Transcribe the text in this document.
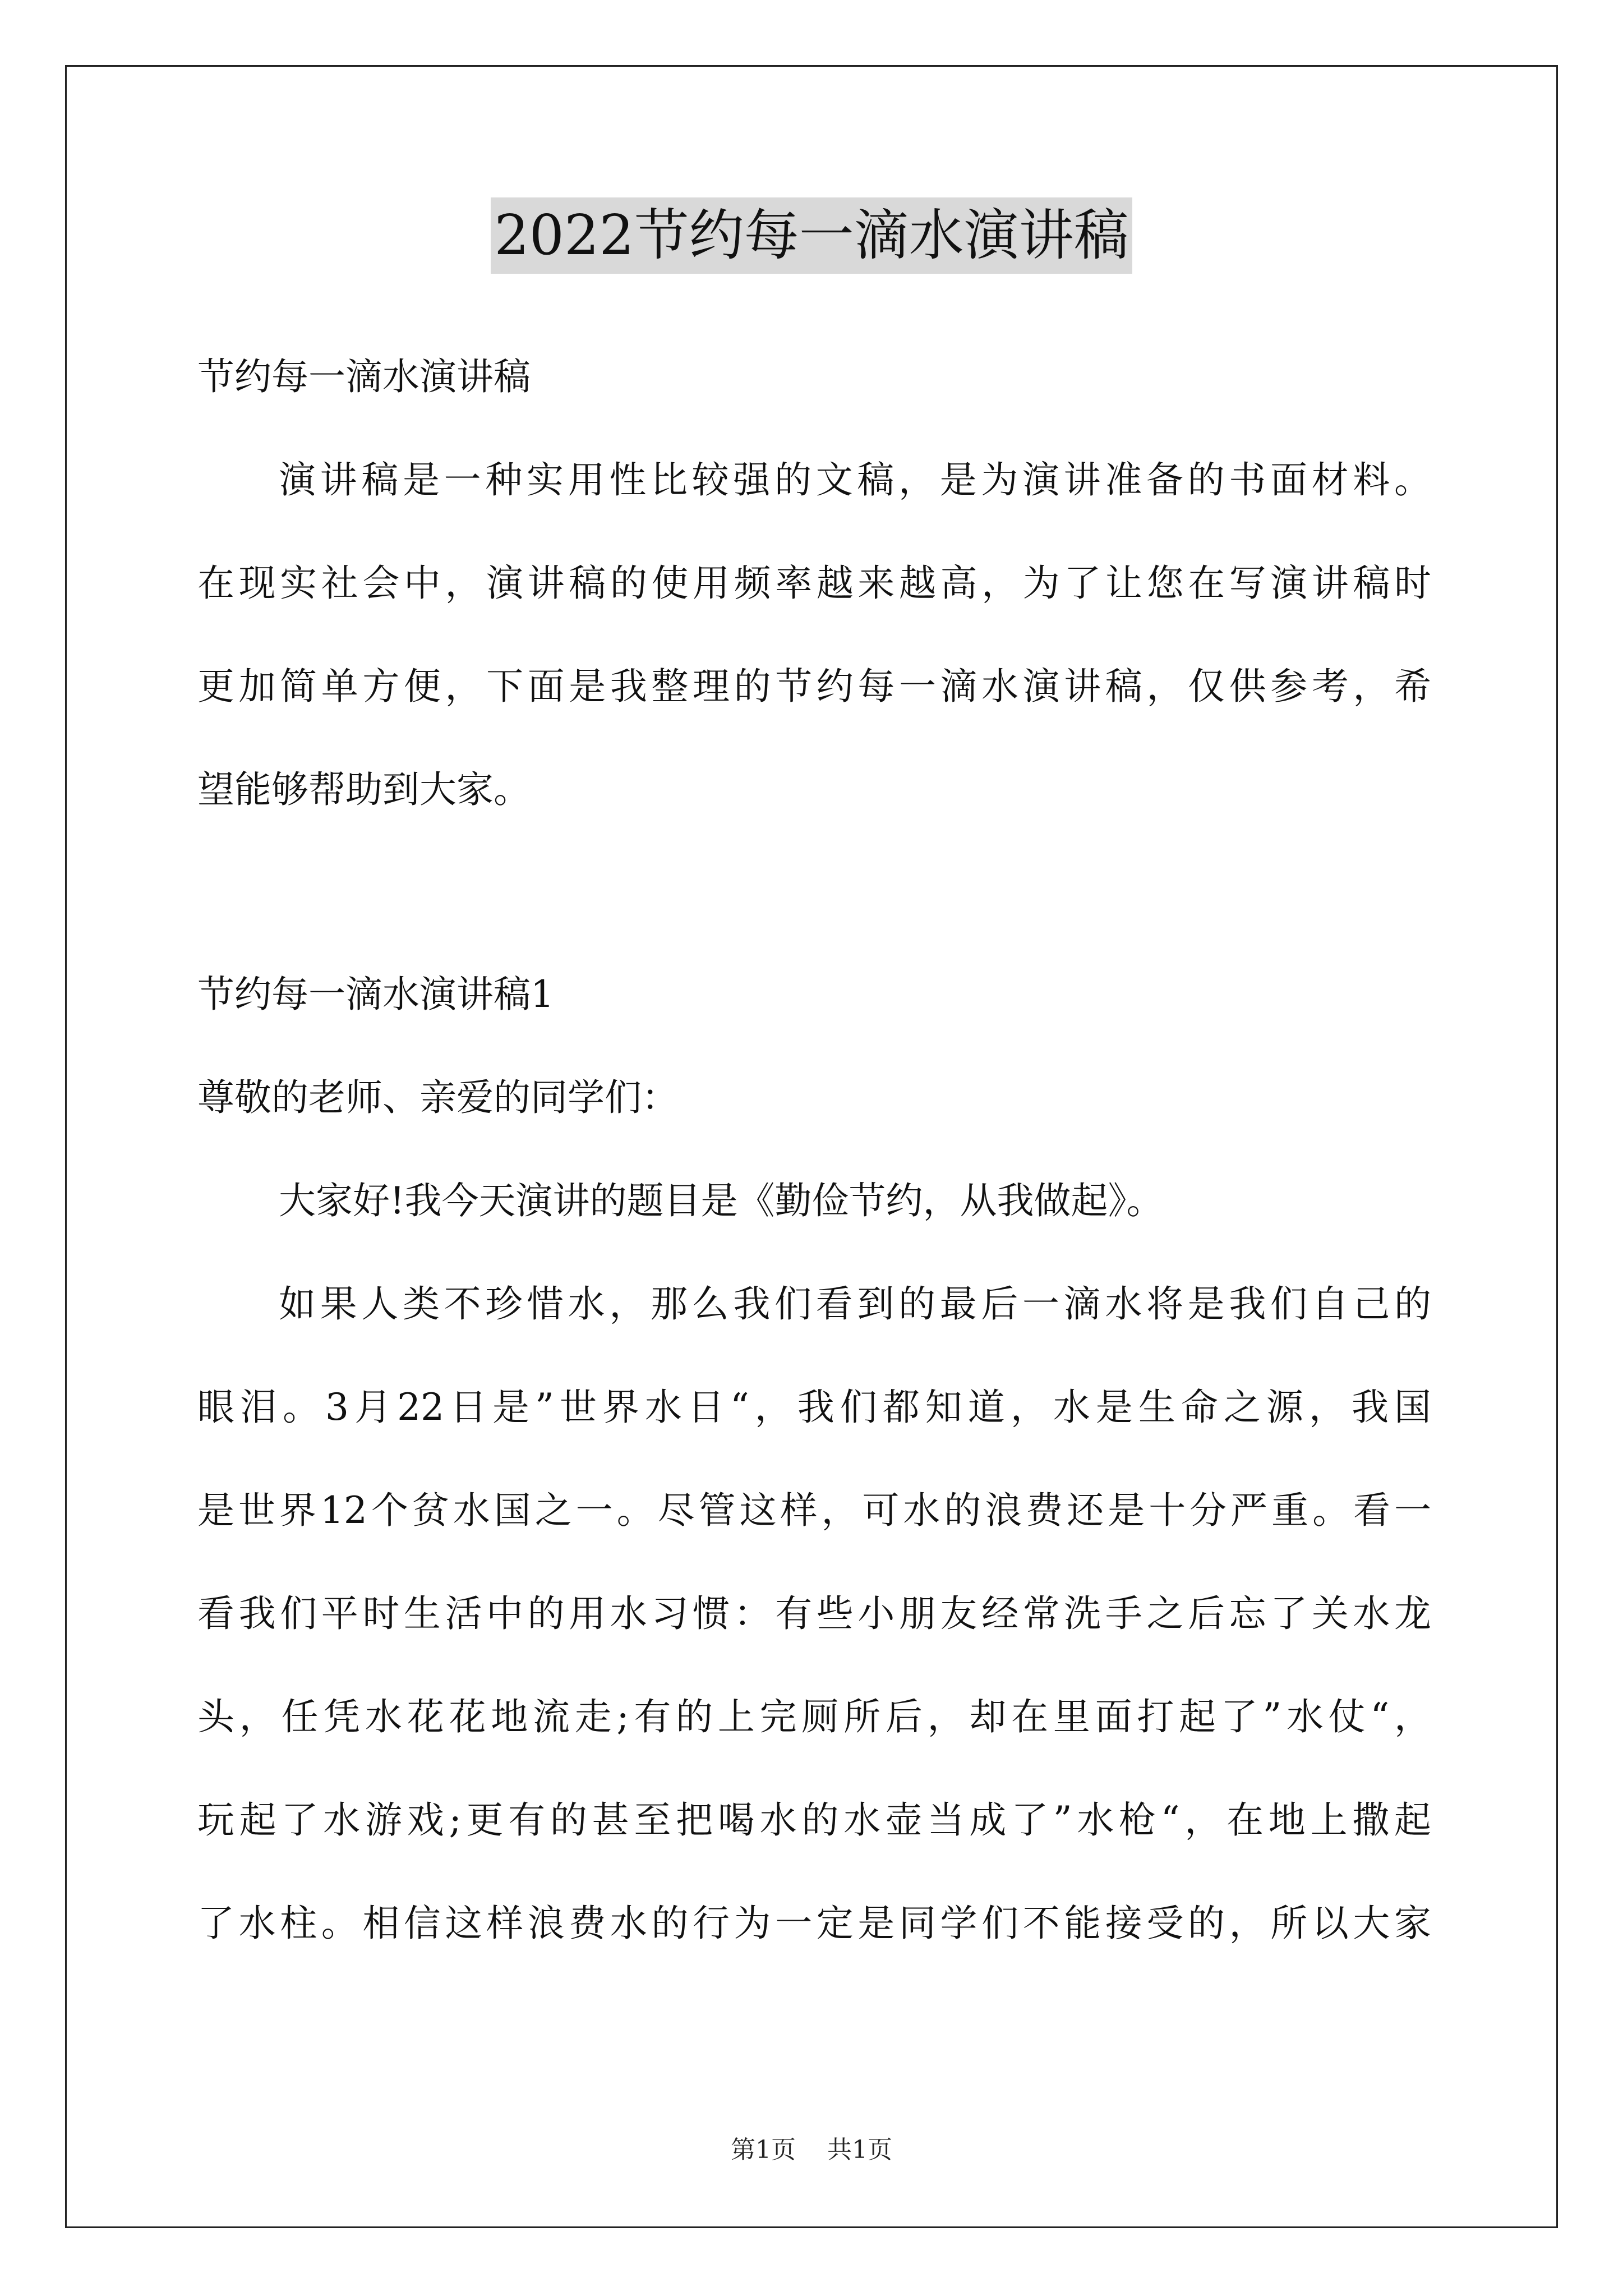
2022节约每一滴水演讲稿
节约每一滴水演讲稿
演讲稿是一种实用性比较强的文稿，是为演讲准备的书面材料。
在现实社会中，演讲稿的使用频率越来越高，为了让您在写演讲稿时
更加简单方便，下面是我整理的节约每一滴水演讲稿，仅供参考，希
望能够帮助到大家。
节约每一滴水演讲稿1
尊敬的老师、亲爱的同学们：
大家好!我今天演讲的题目是《勤俭节约，从我做起》。
如果人类不珍惜水，那么我们看到的最后一滴水将是我们自己的
眼泪。3月22日是”世界水日“，我们都知道，水是生命之源，我国
是世界12个贫水国之一。尽管这样，可水的浪费还是十分严重。看一
看我们平时生活中的用水习惯：有些小朋友经常洗手之后忘了关水龙
头，任凭水花花地流走;有的上完厕所后，却在里面打起了”水仗“，
玩起了水游戏;更有的甚至把喝水的水壶当成了”水枪“，在地上撒起
了水柱。相信这样浪费水的行为一定是同学们不能接受的，所以大家
第1页 共1页
